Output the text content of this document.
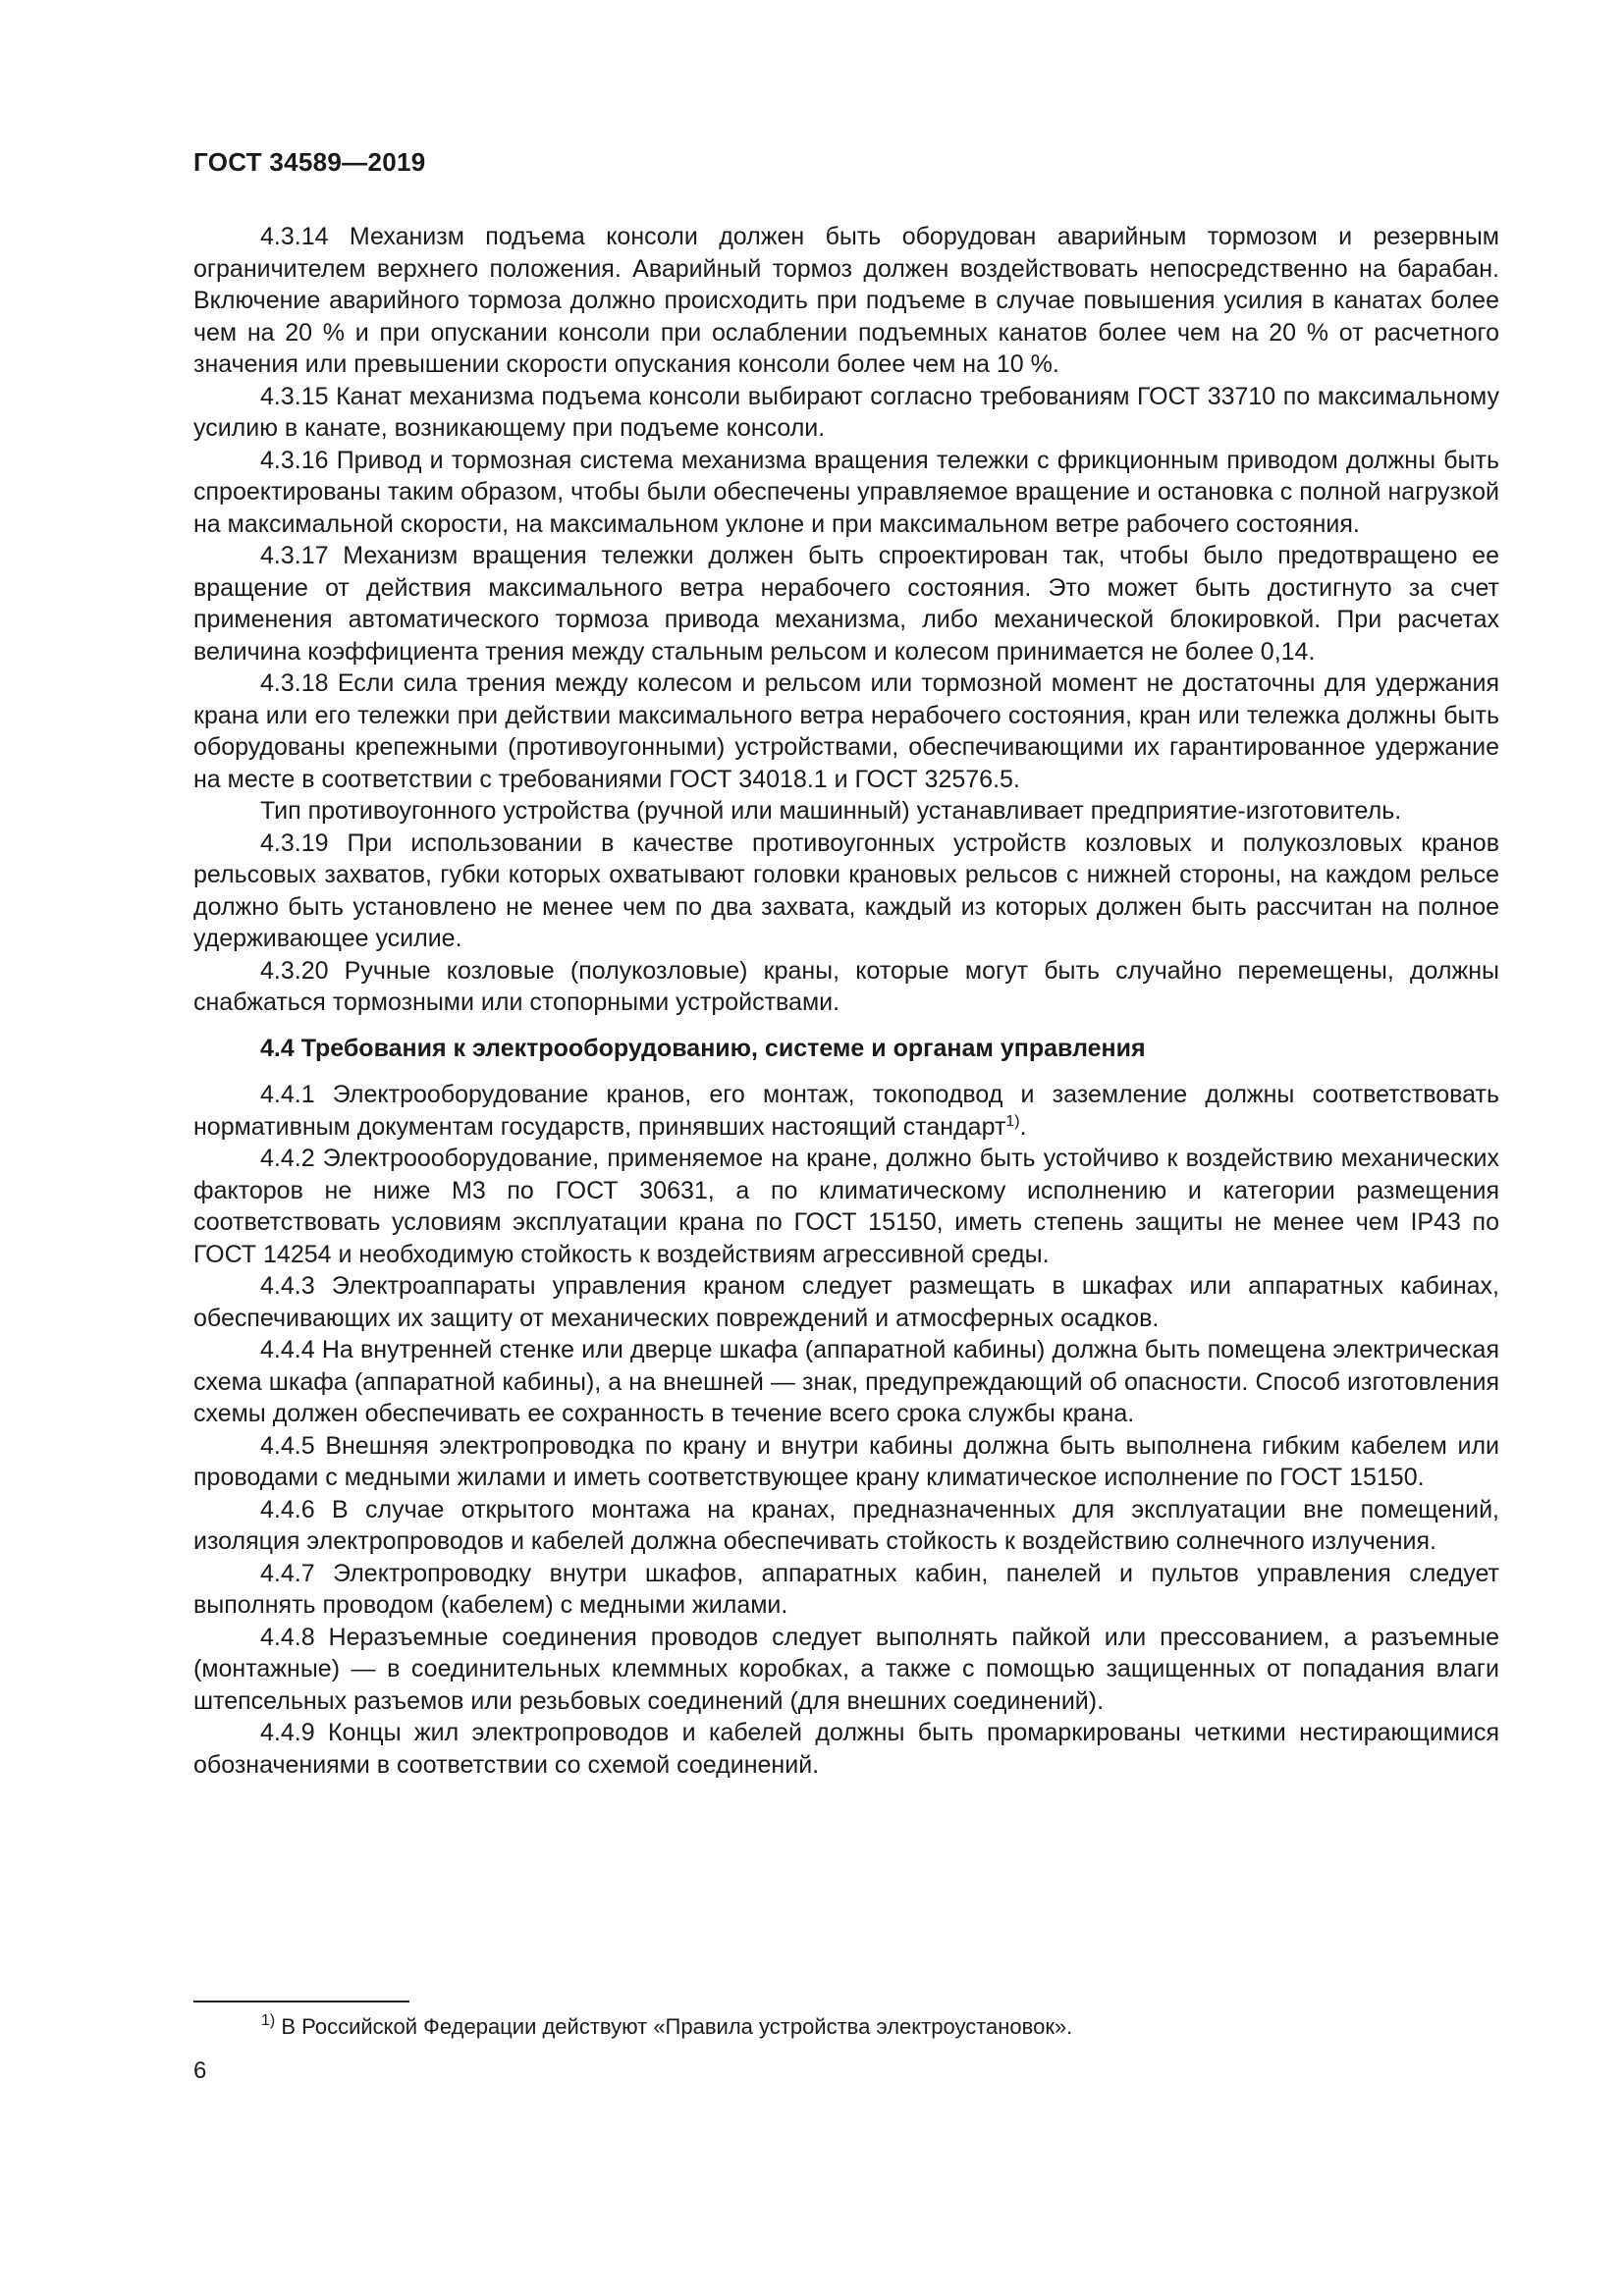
ГОСТ 34589—2019

4.3.14 Механизм подъема консоли должен быть оборудован аварийным тормозом и резервным ограничителем верхнего положения. Аварийный тормоз должен воздействовать непосредственно на барабан. Включение аварийного тормоза должно происходить при подъеме в случае повышения усилия в канатах более чем на 20 % и при опускании консоли при ослаблении подъемных канатов более чем на 20 % от расчетного значения или превышении скорости опускания консоли более чем на 10 %.

4.3.15 Канат механизма подъема консоли выбирают согласно требованиям ГОСТ 33710 по максимальному усилию в канате, возникающему при подъеме консоли.

4.3.16 Привод и тормозная система механизма вращения тележки с фрикционным приводом должны быть спроектированы таким образом, чтобы были обеспечены управляемое вращение и остановка с полной нагрузкой на максимальной скорости, на максимальном уклоне и при максимальном ветре рабочего состояния.

4.3.17 Механизм вращения тележки должен быть спроектирован так, чтобы было предотвращено ее вращение от действия максимального ветра нерабочего состояния. Это может быть достигнуто за счет применения автоматического тормоза привода механизма, либо механической блокировкой. При расчетах величина коэффициента трения между стальным рельсом и колесом принимается не более 0,14.

4.3.18 Если сила трения между колесом и рельсом или тормозной момент не достаточны для удержания крана или его тележки при действии максимального ветра нерабочего состояния, кран или тележка должны быть оборудованы крепежными (противоугонными) устройствами, обеспечивающими их гарантированное удержание на месте в соответствии с требованиями ГОСТ 34018.1 и ГОСТ 32576.5.

Тип противоугонного устройства (ручной или машинный) устанавливает предприятие-изготовитель.

4.3.19 При использовании в качестве противоугонных устройств козловых и полукозловых кранов рельсовых захватов, губки которых охватывают головки крановых рельсов с нижней стороны, на каждом рельсе должно быть установлено не менее чем по два захвата, каждый из которых должен быть рассчитан на полное удерживающее усилие.

4.3.20 Ручные козловые (полукозловые) краны, которые могут быть случайно перемещены, должны снабжаться тормозными или стопорными устройствами.

4.4 Требования к электрооборудованию, системе и органам управления

4.4.1 Электрооборудование кранов, его монтаж, токоподвод и заземление должны соответствовать нормативным документам государств, принявших настоящий стандарт$^{1)}$.

4.4.2 Электроооборудование, применяемое на кране, должно быть устойчиво к воздействию механических факторов не ниже М3 по ГОСТ 30631, а по климатическому исполнению и категории размещения соответствовать условиям эксплуатации крана по ГОСТ 15150, иметь степень защиты не менее чем IP43 по ГОСТ 14254 и необходимую стойкость к воздействиям агрессивной среды.

4.4.3 Электроаппараты управления краном следует размещать в шкафах или аппаратных кабинах, обеспечивающих их защиту от механических повреждений и атмосферных осадков.

4.4.4 На внутренней стенке или дверце шкафа (аппаратной кабины) должна быть помещена электрическая схема шкафа (аппаратной кабины), а на внешней — знак, предупреждающий об опасности. Способ изготовления схемы должен обеспечивать ее сохранность в течение всего срока службы крана.

4.4.5 Внешняя электропроводка по крану и внутри кабины должна быть выполнена гибким кабелем или проводами с медными жилами и иметь соответствующее крану климатическое исполнение по ГОСТ 15150.

4.4.6 В случае открытого монтажа на кранах, предназначенных для эксплуатации вне помещений, изоляция электропроводов и кабелей должна обеспечивать стойкость к воздействию солнечного излучения.

4.4.7 Электропроводку внутри шкафов, аппаратных кабин, панелей и пультов управления следует выполнять проводом (кабелем) с медными жилами.

4.4.8 Неразъемные соединения проводов следует выполнять пайкой или прессованием, а разъемные (монтажные) — в соединительных клеммных коробках, а также с помощью защищенных от попадания влаги штепсельных разъемов или резьбовых соединений (для внешних соединений).

4.4.9 Концы жил электропроводов и кабелей должны быть промаркированы четкими нестирающимися обозначениями в соответствии со схемой соединений.

$^{1)}$ В Российской Федерации действуют «Правила устройства электроустановок».
6
